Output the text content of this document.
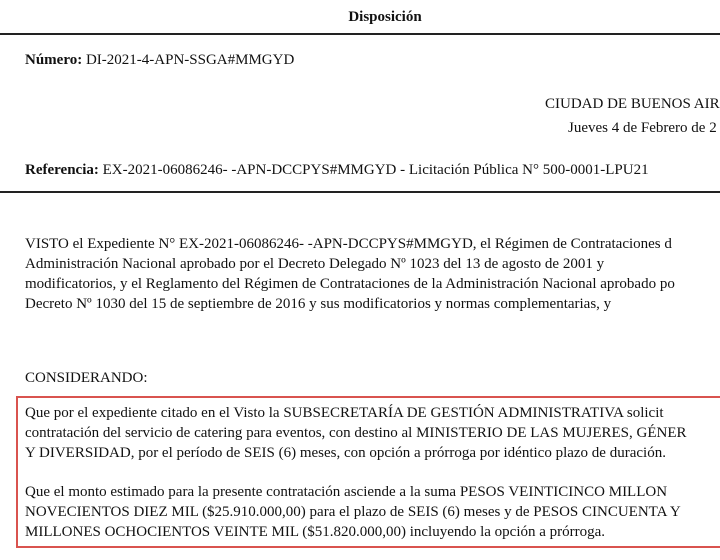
Disposición
Número: DI-2021-4-APN-SSGA#MMGYD
CIUDAD DE BUENOS AIR
Jueves 4 de Febrero de 2
Referencia: EX-2021-06086246- -APN-DCCPYS#MMGYD - Licitación Pública N° 500-0001-LPU21
VISTO el Expediente N° EX-2021-06086246- -APN-DCCPYS#MMGYD, el Régimen de Contrataciones d
Administración Nacional aprobado por el Decreto Delegado Nº 1023 del 13 de agosto de 2001 y
modificatorios, y el Reglamento del Régimen de Contrataciones de la Administración Nacional aprobado po
Decreto Nº 1030 del 15 de septiembre de 2016 y sus modificatorios y normas complementarias, y
CONSIDERANDO:
Que por el expediente citado en el Visto la SUBSECRETARÍA DE GESTIÓN ADMINISTRATIVA solicit
contratación del servicio de catering para eventos, con destino al MINISTERIO DE LAS MUJERES, GÉNER
Y DIVERSIDAD, por el período de SEIS (6) meses, con opción a prórroga por idéntico plazo de duración.
Que el monto estimado para la presente contratación asciende a la suma PESOS VEINTICINCO MILLON
NOVECIENTOS DIEZ MIL ($25.910.000,00) para el plazo de SEIS (6) meses y de PESOS CINCUENTA Y
MILLONES OCHOCIENTOS VEINTE MIL ($51.820.000,00) incluyendo la opción a prórroga.
